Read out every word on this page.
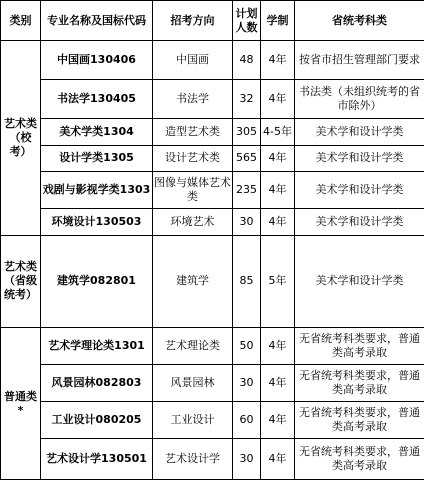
类别	专业名称及国标代码	招考方向	计划人数	学制	省统考科类
艺术类（校考）	中国画130406	中国画	48	4年	按省市招生管理部门要求
	书法学130405	书法学	32	4年	书法类（未组织统考的省市除外）
	美术学类1304	造型艺术类	305	4-5年	美术学和设计学类
	设计学类1305	设计艺术类	565	4年	美术学和设计学类
	戏剧与影视学类1303	图像与媒体艺术类	235	4年	美术学和设计学类
	环境设计130503	环境艺术	30	4年	美术学和设计学类
艺术类（省级统考）	建筑学082801	建筑学	85	5年	美术学和设计学类
普通类*	艺术学理论类1301	艺术理论类	50	4年	无省统考科类要求，普通类高考录取
	风景园林082803	风景园林	30	4年	无省统考科类要求，普通类高考录取
	工业设计080205	工业设计	60	4年	无省统考科类要求，普通类高考录取
	艺术设计学130501	艺术设计学	30	4年	无省统考科类要求，普通类高考录取
